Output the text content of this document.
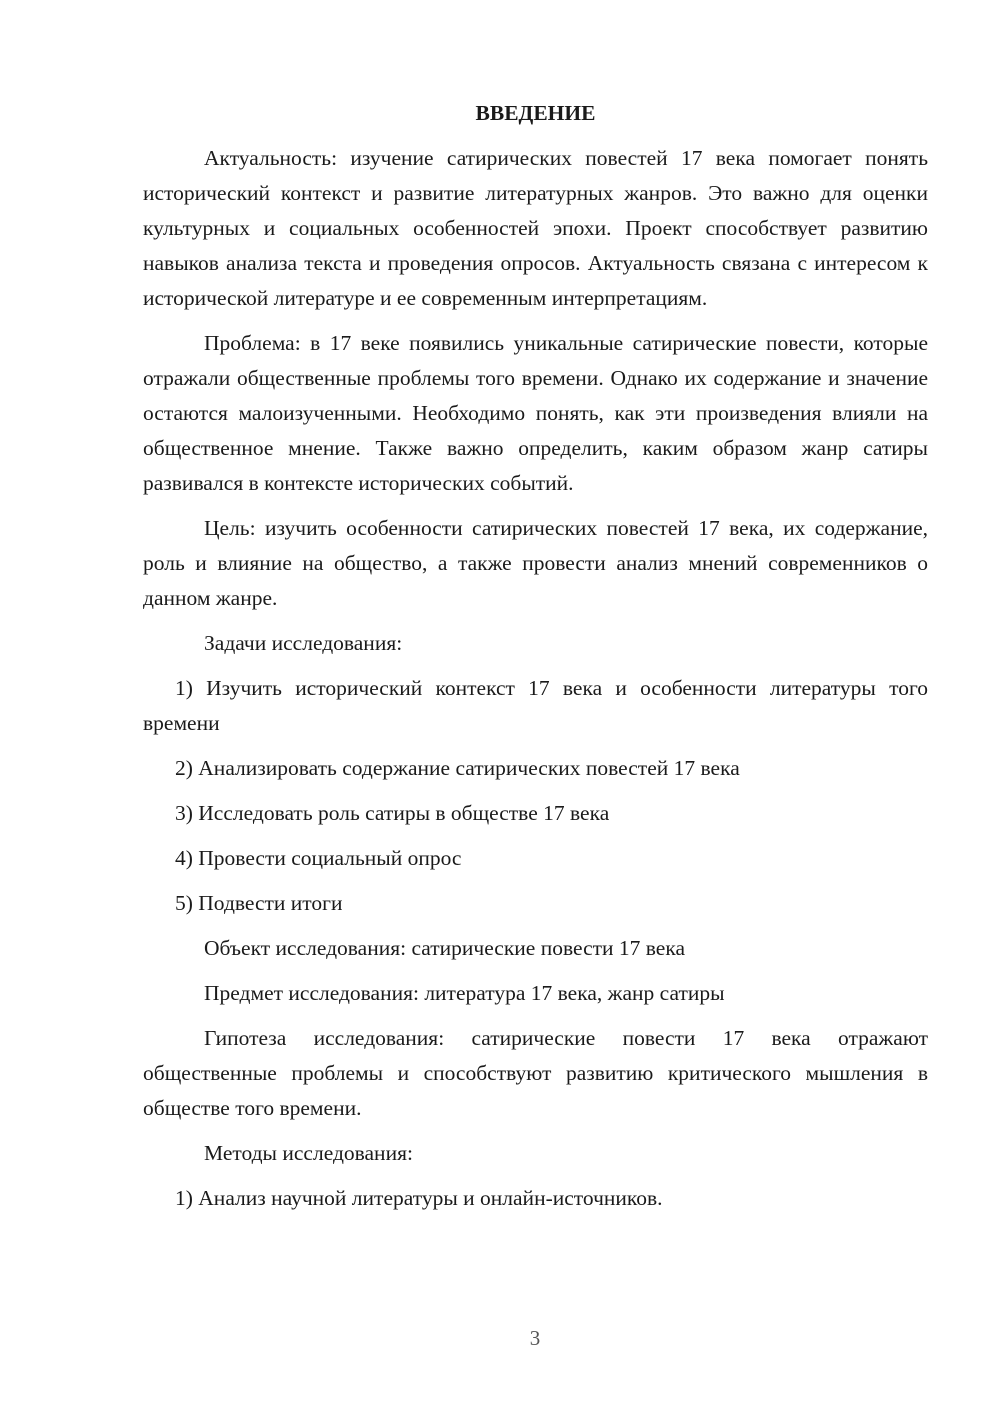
ВВЕДЕНИЕ

Актуальность: изучение сатирических повестей 17 века помогает понять исторический контекст и развитие литературных жанров. Это важно для оценки культурных и социальных особенностей эпохи. Проект способствует развитию навыков анализа текста и проведения опросов. Актуальность связана с интересом к исторической литературе и ее современным интерпретациям.

Проблема: в 17 веке появились уникальные сатирические повести, которые отражали общественные проблемы того времени. Однако их содержание и значение остаются малоизученными. Необходимо понять, как эти произведения влияли на общественное мнение. Также важно определить, каким образом жанр сатиры развивался в контексте исторических событий.

Цель: изучить особенности сатирических повестей 17 века, их содержание, роль и влияние на общество, а также провести анализ мнений современников о данном жанре.

Задачи исследования:

1) Изучить исторический контекст 17 века и особенности литературы того времени

2) Анализировать содержание сатирических повестей 17 века

3) Исследовать роль сатиры в обществе 17 века

4) Провести социальный опрос

5) Подвести итоги

Объект исследования: сатирические повести 17 века

Предмет исследования: литература 17 века, жанр сатиры

Гипотеза исследования: сатирические повести 17 века отражают общественные проблемы и способствуют развитию критического мышления в обществе того времени.

Методы исследования:

1) Анализ научной литературы и онлайн-источников.

3
